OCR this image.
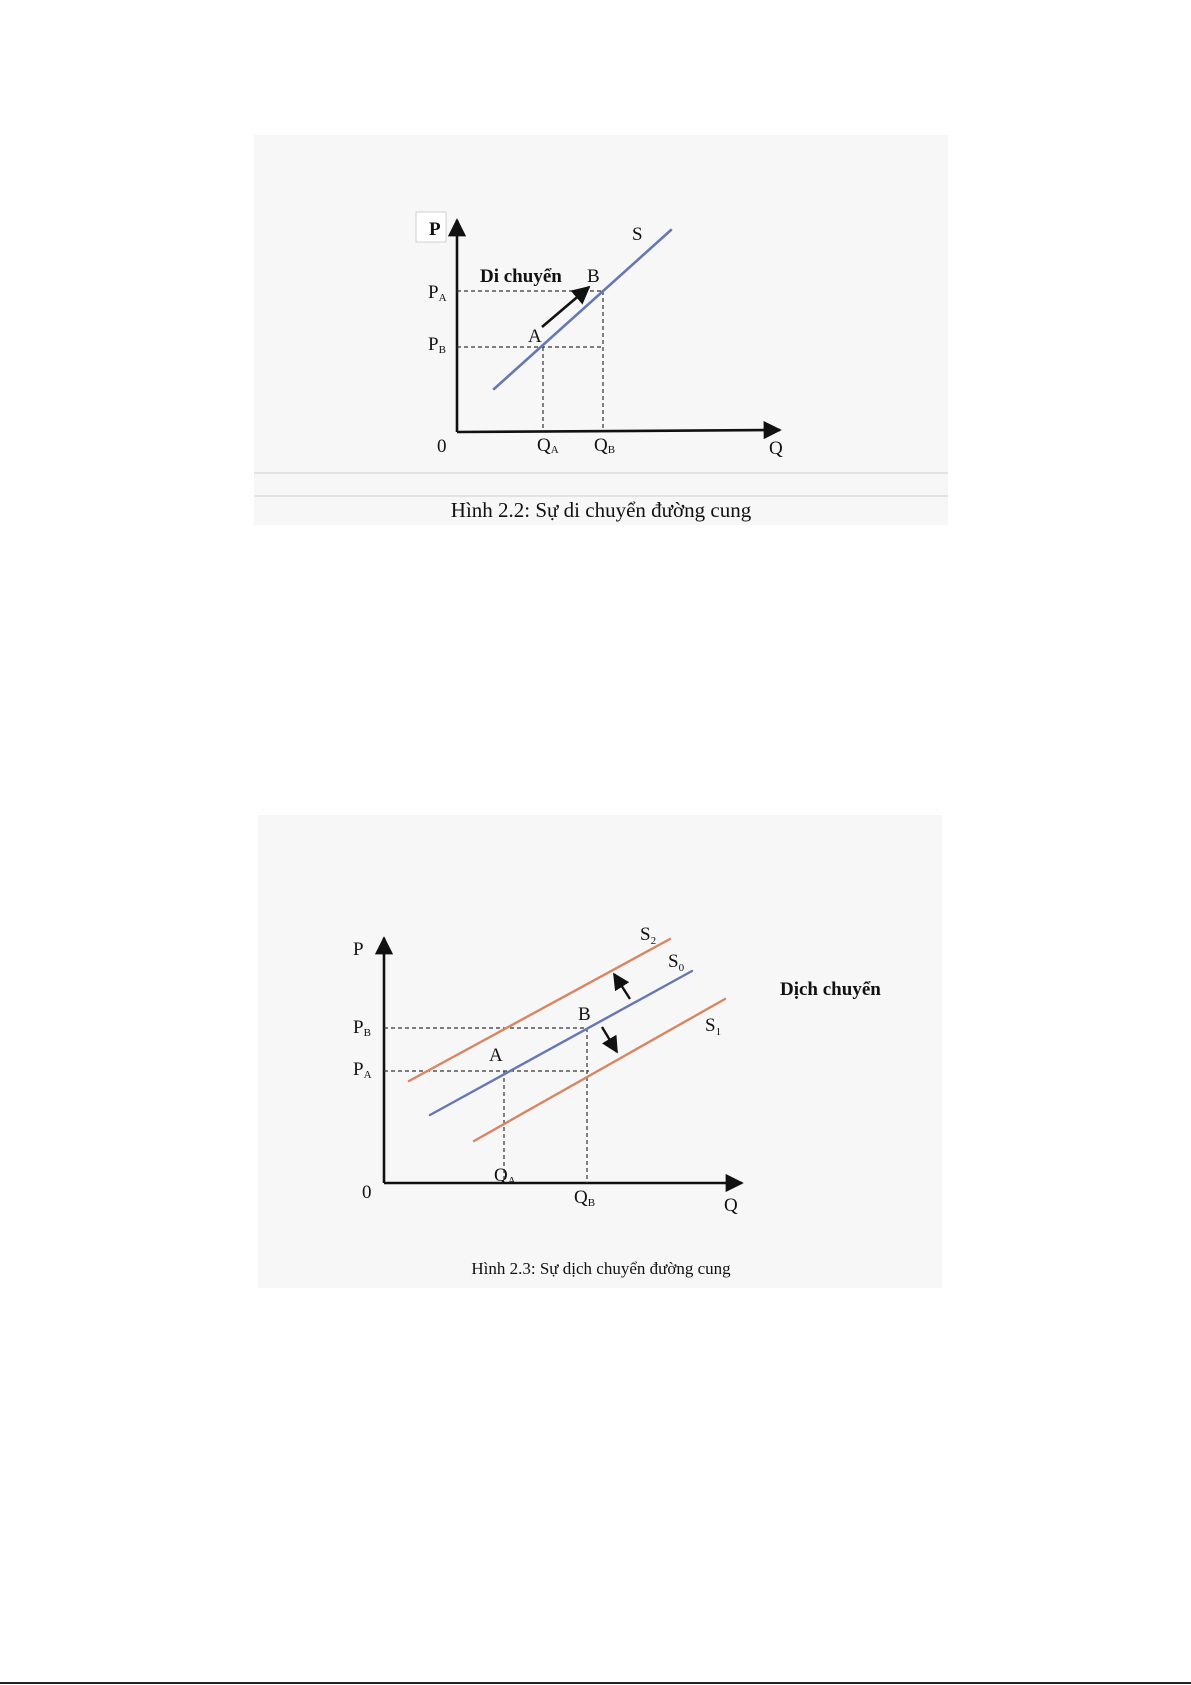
P
Q
0
S
Di chuyển B
A
PA
PB
QA QB
Hình 2.2: Sự di chuyển đường cung
P
Q
0
Dịch chuyển
B
A
$S_2$
$S_0$
$S_1$
PB
PA
QA
QB
Hình 2.3: Sự dịch chuyển đường cung
